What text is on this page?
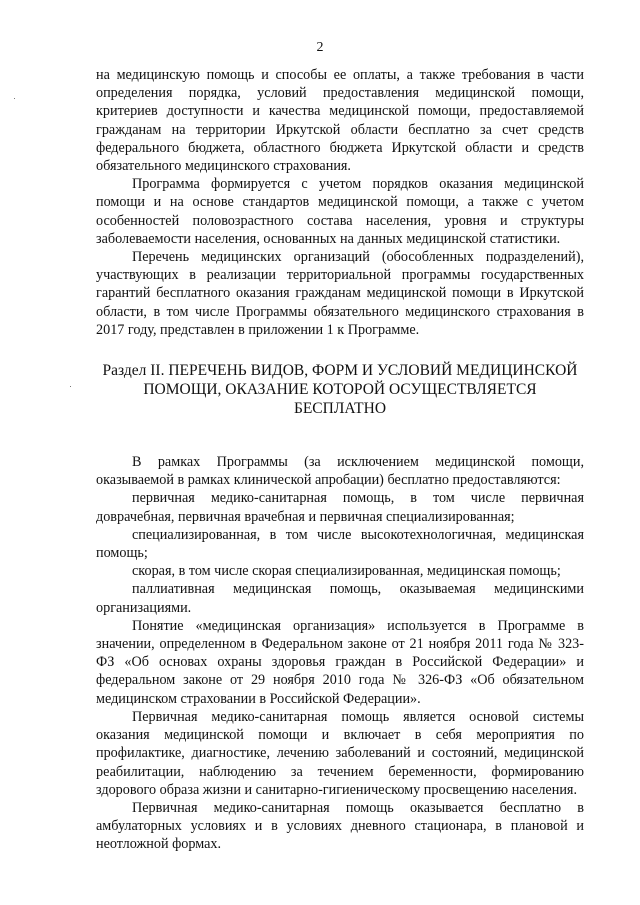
2

на медицинскую помощь и способы ее оплаты, а также требования в части определения порядка, условий предоставления медицинской помощи, критериев доступности и качества медицинской помощи, предоставляемой гражданам на территории Иркутской области бесплатно за счет средств федерального бюджета, областного бюджета Иркутской области и средств обязательного медицинского страхования.

Программа формируется с учетом порядков оказания медицинской помощи и на основе стандартов медицинской помощи, а также с учетом особенностей половозрастного состава населения, уровня и структуры заболеваемости населения, основанных на данных медицинской статистики.

Перечень медицинских организаций (обособленных подразделений), участвующих в реализации территориальной программы государственных гарантий бесплатного оказания гражданам медицинской помощи в Иркутской области, в том числе Программы обязательного медицинского страхования в 2017 году, представлен в приложении 1 к Программе.

Раздел II. ПЕРЕЧЕНЬ ВИДОВ, ФОРМ И УСЛОВИЙ МЕДИЦИНСКОЙ ПОМОЩИ, ОКАЗАНИЕ КОТОРОЙ ОСУЩЕСТВЛЯЕТСЯ БЕСПЛАТНО

В рамках Программы (за исключением медицинской помощи, оказываемой в рамках клинической апробации) бесплатно предоставляются:

первичная медико-санитарная помощь, в том числе первичная доврачебная, первичная врачебная и первичная специализированная;

специализированная, в том числе высокотехнологичная, медицинская помощь;

скорая, в том числе скорая специализированная, медицинская помощь;

паллиативная медицинская помощь, оказываемая медицинскими организациями.

Понятие «медицинская организация» используется в Программе в значении, определенном в Федеральном законе от 21 ноября 2011 года № 323-ФЗ «Об основах охраны здоровья граждан в Российской Федерации» и федеральном законе от 29 ноября 2010 года № 326-ФЗ «Об обязательном медицинском страховании в Российской Федерации».

Первичная медико-санитарная помощь является основой системы оказания медицинской помощи и включает в себя мероприятия по профилактике, диагностике, лечению заболеваний и состояний, медицинской реабилитации, наблюдению за течением беременности, формированию здорового образа жизни и санитарно-гигиеническому просвещению населения.

Первичная медико-санитарная помощь оказывается бесплатно в амбулаторных условиях и в условиях дневного стационара, в плановой и неотложной формах.
